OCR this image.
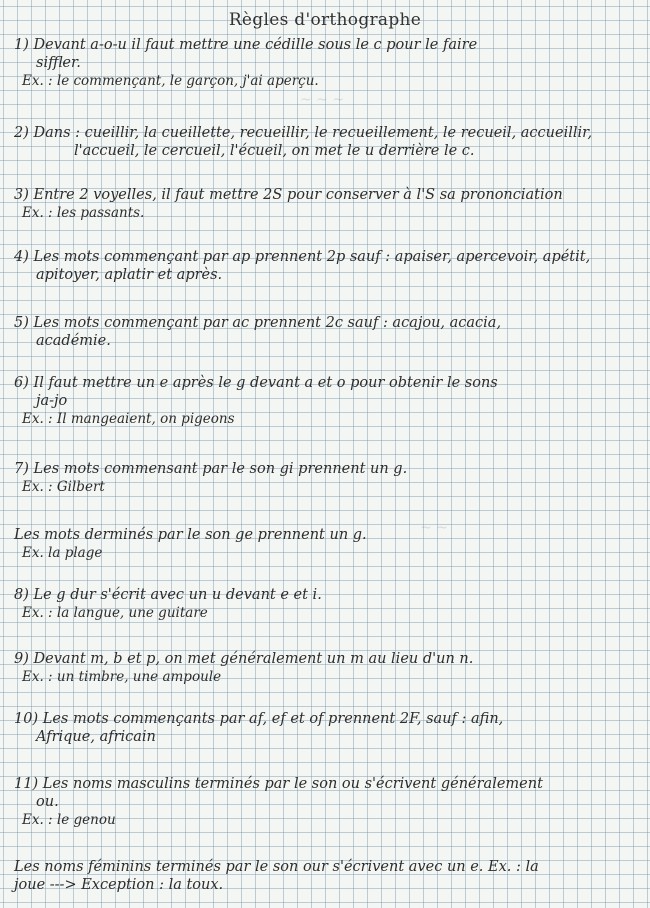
Règles d'orthographe
1) Devant a-o-u il faut mettre une cédille sous le c pour le faire
siffler.
Ex. : le commençant, le garçon, j'ai aperçu.
2) Dans : cueillir, la cueillette, recueillir, le recueillement, le recueil, accueillir,
l'accueil, le cercueil, l'écueil, on met le u derrière le c.
3) Entre 2 voyelles, il faut mettre 2S pour conserver à l'S sa prononciation
Ex. : les passants.
4) Les mots commençant par ap prennent 2p sauf : apaiser, apercevoir, apétit,
apitoyer, aplatir et après.
5) Les mots commençant par ac prennent 2c sauf : acajou, acacia,
académie.
6) Il faut mettre un e après le g devant a et o pour obtenir le sons
ja-jo
Ex. : Il mangeaient, on pigeons
7) Les mots commensant par le son gi prennent un g.
Ex. : Gilbert
Les mots derminés par le son ge prennent un g.
Ex. la plage
8) Le g dur s'écrit avec un u devant e et i.
Ex. : la langue, une guitare
9) Devant m, b et p, on met généralement un m au lieu d'un n.
Ex. : un timbre, une ampoule
10) Les mots commençants par af, ef et of prennent 2F, sauf : afin,
Afrique, africain
11) Les noms masculins terminés par le son ou s'écrivent généralement
ou.
Ex. : le genou
Les noms féminins terminés par le son our s'écrivent avec un e. Ex. : la
joue ---> Exception : la toux.
~ ~ ~
~ ~
